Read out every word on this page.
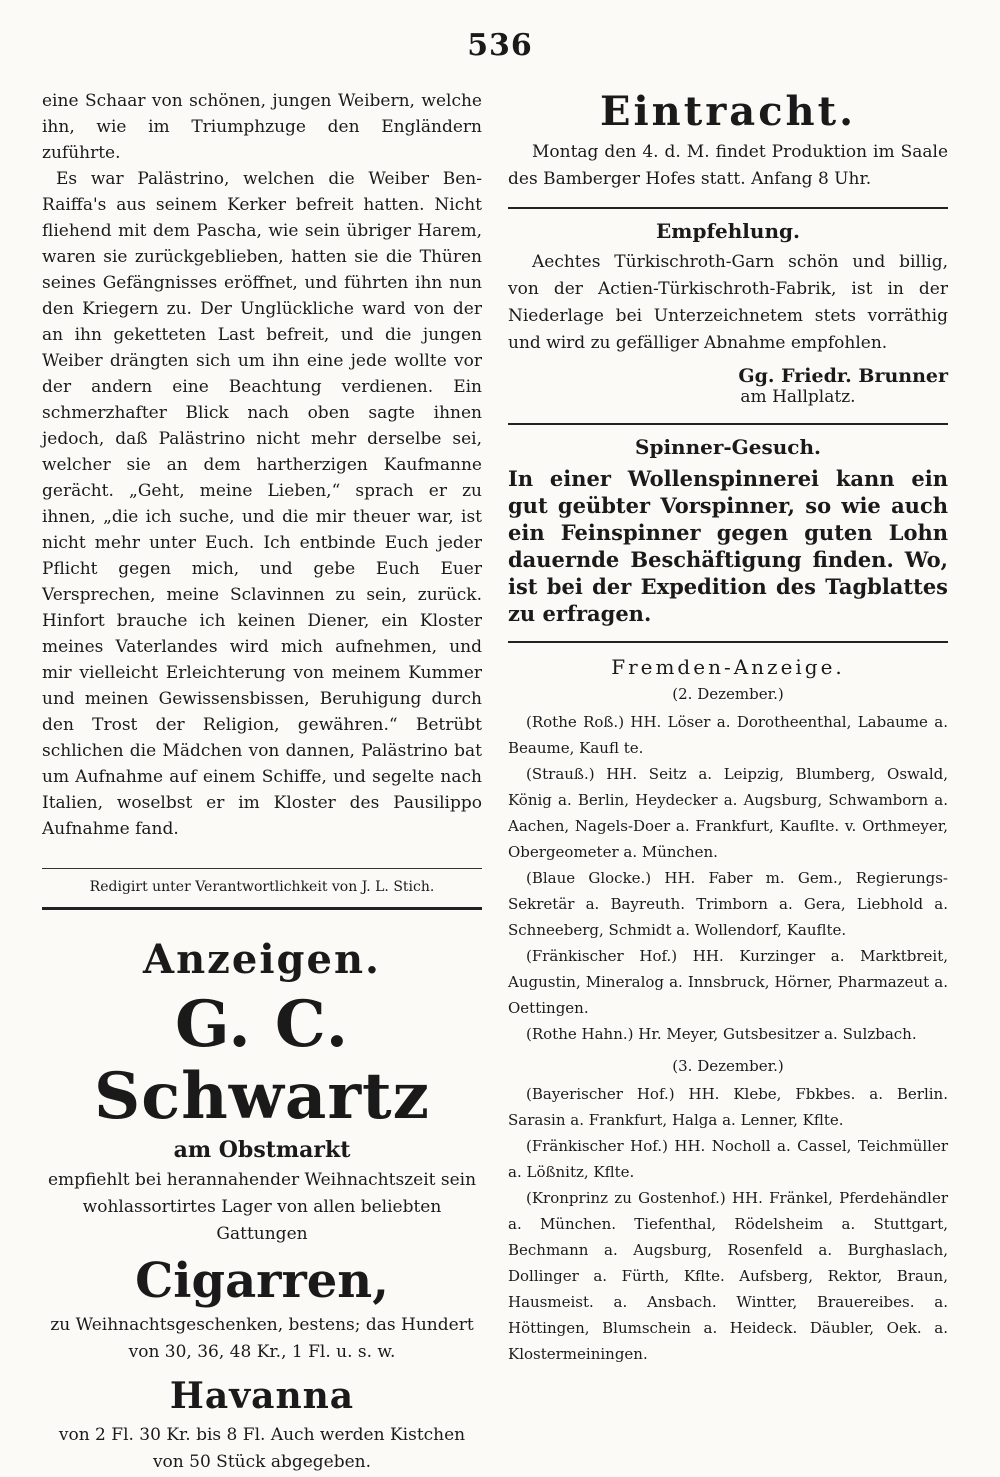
536

eine Schaar von schönen, jungen Weibern, welche ihn, wie im Triumphzuge den Engländern zuführte.

Es war Palästrino, welchen die Weiber Ben-Raiffa's aus seinem Kerker befreit hatten. Nicht fliehend mit dem Pascha, wie sein übriger Harem, waren sie zurückgeblieben, hatten sie die Thüren seines Gefängnisses eröffnet, und führten ihn nun den Kriegern zu. Der Unglückliche ward von der an ihn geketteten Last befreit, und die jungen Weiber drängten sich um ihn eine jede wollte vor der andern eine Beachtung verdienen. Ein schmerzhafter Blick nach oben sagte ihnen jedoch, daß Palästrino nicht mehr derselbe sei, welcher sie an dem hartherzigen Kaufmanne gerächt. „Geht, meine Lieben,“ sprach er zu ihnen, „die ich suche, und die mir theuer war, ist nicht mehr unter Euch. Ich entbinde Euch jeder Pflicht gegen mich, und gebe Euch Euer Versprechen, meine Sclavinnen zu sein, zurück. Hinfort brauche ich keinen Diener, ein Kloster meines Vaterlandes wird mich aufnehmen, und mir vielleicht Erleichterung von meinem Kummer und meinen Gewissensbissen, Beruhigung durch den Trost der Religion, gewähren.“ Betrübt schlichen die Mädchen von dannen, Palästrino bat um Aufnahme auf einem Schiffe, und segelte nach Italien, woselbst er im Kloster des Pausilippo Aufnahme fand.

Redigirt unter Verantwortlichkeit von J. L. Stich.
Anzeigen.
G. C. Schwartz
am Obstmarkt

empfiehlt bei herannahender Weihnachtszeit sein wohlassortirtes Lager von allen beliebten Gattungen

Cigarren,

zu Weihnachtsgeschenken, bestens; das Hundert von 30, 36, 48 Kr., 1 Fl. u. s. w.

Havanna

von 2 Fl. 30 Kr. bis 8 Fl. Auch werden Kistchen von 50 Stück abgegeben.

Eintracht.

Montag den 4. d. M. findet Produktion im Saale des Bamberger Hofes statt. Anfang 8 Uhr.

Empfehlung.

Aechtes Türkischroth-Garn schön und billig, von der Actien-Türkischroth-Fabrik, ist in der Niederlage bei Unterzeichnetem stets vorräthig und wird zu gefälliger Abnahme empfohlen.

Gg. Friedr. Brunner
am Hallplatz.
Spinner-Gesuch.

In einer Wollenspinnerei kann ein gut geübter Vorspinner, so wie auch ein Feinspinner gegen guten Lohn dauernde Beschäftigung finden. Wo, ist bei der Expedition des Tagblattes zu erfragen.

Fremden-Anzeige.
(2. Dezember.)

(Rothe Roß.) HH. Löser a. Dorotheenthal, Labaume a. Beaume, Kaufl te.

(Strauß.) HH. Seitz a. Leipzig, Blumberg, Oswald, König a. Berlin, Heydecker a. Augsburg, Schwamborn a. Aachen, Nagels-Doer a. Frankfurt, Kauflte. v. Orthmeyer, Obergeometer a. München.

(Blaue Glocke.) HH. Faber m. Gem., Regierungs-Sekretär a. Bayreuth. Trimborn a. Gera, Liebhold a. Schneeberg, Schmidt a. Wollendorf, Kauflte.

(Fränkischer Hof.) HH. Kurzinger a. Marktbreit, Augustin, Mineralog a. Innsbruck, Hörner, Pharmazeut a. Oettingen.

(Rothe Hahn.) Hr. Meyer, Gutsbesitzer a. Sulzbach.

(3. Dezember.)

(Bayerischer Hof.) HH. Klebe, Fbkbes. a. Berlin. Sarasin a. Frankfurt, Halga a. Lenner, Kflte.

(Fränkischer Hof.) HH. Nocholl a. Cassel, Teichmüller a. Lößnitz, Kflte.

(Kronprinz zu Gostenhof.) HH. Fränkel, Pferdehändler a. München. Tiefenthal, Rödelsheim a. Stuttgart, Bechmann a. Augsburg, Rosenfeld a. Burghaslach, Dollinger a. Fürth, Kflte. Aufsberg, Rektor, Braun, Hausmeist. a. Ansbach. Wintter, Brauereibes. a. Höttingen, Blumschein a. Heideck. Däubler, Oek. a. Klostermeiningen.
